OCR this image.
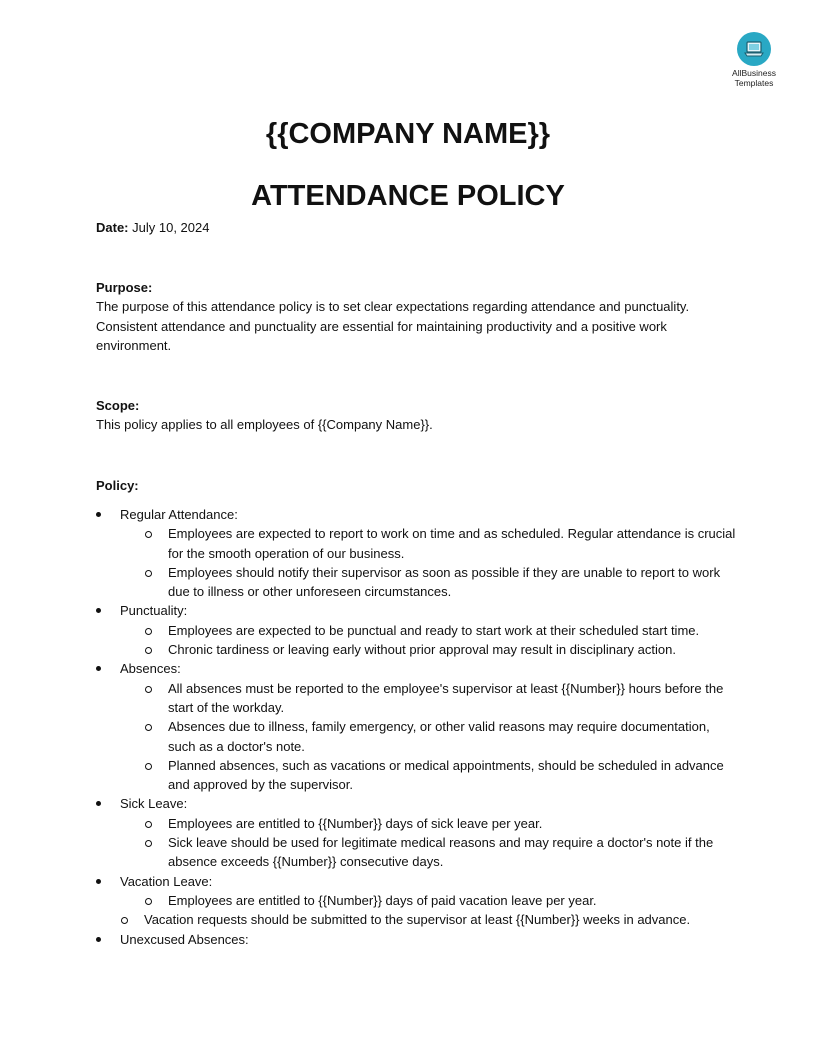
AllBusiness
Templates
{{COMPANY NAME}}
ATTENDANCE POLICY

Date: July 10, 2024

Purpose:

The purpose of this attendance policy is to set clear expectations regarding attendance and punctuality. Consistent attendance and punctuality are essential for maintaining productivity and a positive work environment.

Scope:

This policy applies to all employees of {{Company Name}}.

Policy:

Regular Attendance:
Employees are expected to report to work on time and as scheduled. Regular attendance is crucial for the smooth operation of our business.
Employees should notify their supervisor as soon as possible if they are unable to report to work due to illness or other unforeseen circumstances.
Punctuality:
Employees are expected to be punctual and ready to start work at their scheduled start time.
Chronic tardiness or leaving early without prior approval may result in disciplinary action.
Absences:
All absences must be reported to the employee's supervisor at least {{Number}} hours before the start of the workday.
Absences due to illness, family emergency, or other valid reasons may require documentation, such as a doctor's note.
Planned absences, such as vacations or medical appointments, should be scheduled in advance and approved by the supervisor.
Sick Leave:
Employees are entitled to {{Number}} days of sick leave per year.
Sick leave should be used for legitimate medical reasons and may require a doctor's note if the absence exceeds {{Number}} consecutive days.
Vacation Leave:
Employees are entitled to {{Number}} days of paid vacation leave per year.
Vacation requests should be submitted to the supervisor at least {{Number}} weeks in advance.
Unexcused Absences:
